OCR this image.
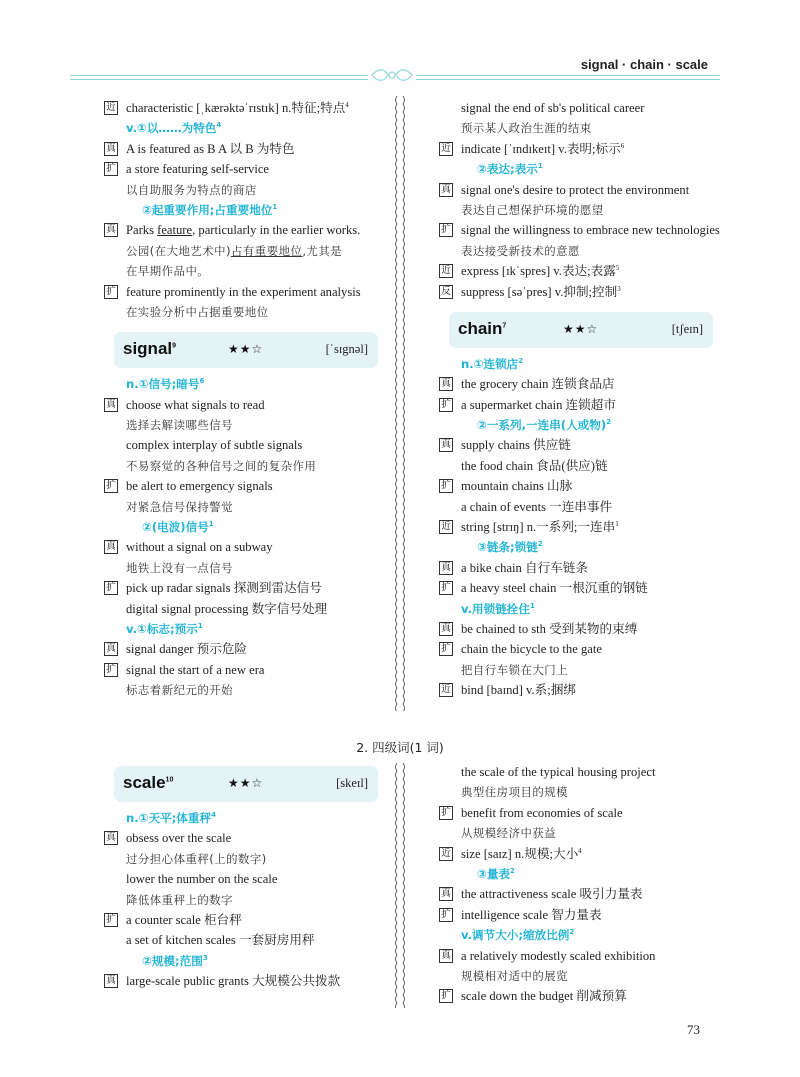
signal · chain · scale
近 characteristic [ˌkærəktəˈrɪstɪk] n.特征;特点$^4$
v.①以……为特色$^4$
真 A is featured as B A 以 B 为特色
扩 a store featuring self-service
以自助服务为特点的商店
②起重要作用;占重要地位$^1$
真 Parks feature, particularly in the earlier works.
公园(在大地艺术中)占有重要地位,尤其是
在早期作品中。
扩 feature prominently in the experiment analysis
在实验分析中占据重要地位
signal$^9$	★★☆	[ˈsɪgnəl]
n.①信号;暗号$^6$
真 choose what signals to read
选择去解读哪些信号
complex interplay of subtle signals
不易察觉的各种信号之间的复杂作用
扩 be alert to emergency signals
对紧急信号保持警觉
②(电波)信号$^1$
真 without a signal on a subway
地铁上没有一点信号
扩 pick up radar signals 探测到雷达信号
digital signal processing 数字信号处理
v.①标志;预示$^1$
真 signal danger 预示危险
扩 signal the start of a new era
标志着新纪元的开始
signal the end of sb's political career
预示某人政治生涯的结束
近 indicate [ˈɪndɪkeɪt] v.表明;标示$^6$
②表达;表示$^1$
真 signal one's desire to protect the environment
表达自己想保护环境的愿望
扩 signal the willingness to embrace new technologies
表达接受新技术的意愿
近 express [ɪkˈspres] v.表达;表露$^5$
反 suppress [səˈpres] v.抑制;控制$^3$
chain$^7$	★★☆	[tʃeɪn]
n.①连锁店$^2$
真 the grocery chain 连锁食品店
扩 a supermarket chain 连锁超市
②一系列,一连串(人或物)$^2$
真 supply chains 供应链
the food chain 食品(供应)链
扩 mountain chains 山脉
a chain of events 一连串事件
近 string [strɪŋ] n.一系列;一连串$^1$
③链条;锁链$^2$
真 a bike chain 自行车链条
扩 a heavy steel chain 一根沉重的钢链
v.用锁链拴住$^1$
真 be chained to sth 受到某物的束缚
扩 chain the bicycle to the gate
把自行车锁在大门上
近 bind [baɪnd] v.系;捆绑
2. 四级词(1 词)
scale$^{10}$	★★☆	[skeɪl]
n.①天平;体重秤$^4$
真 obsess over the scale
过分担心体重秤(上的数字)
lower the number on the scale
降低体重秤上的数字
扩 a counter scale 柜台秤
a set of kitchen scales 一套厨房用秤
②规模;范围$^3$
真 large-scale public grants 大规模公共拨款
the scale of the typical housing project
典型住房项目的规模
扩 benefit from economies of scale
从规模经济中获益
近 size [saɪz] n.规模;大小$^4$
③量表$^2$
真 the attractiveness scale 吸引力量表
扩 intelligence scale 智力量表
v.调节大小;缩放比例$^2$
真 a relatively modestly scaled exhibition
规模相对适中的展览
扩 scale down the budget 削减预算
73
